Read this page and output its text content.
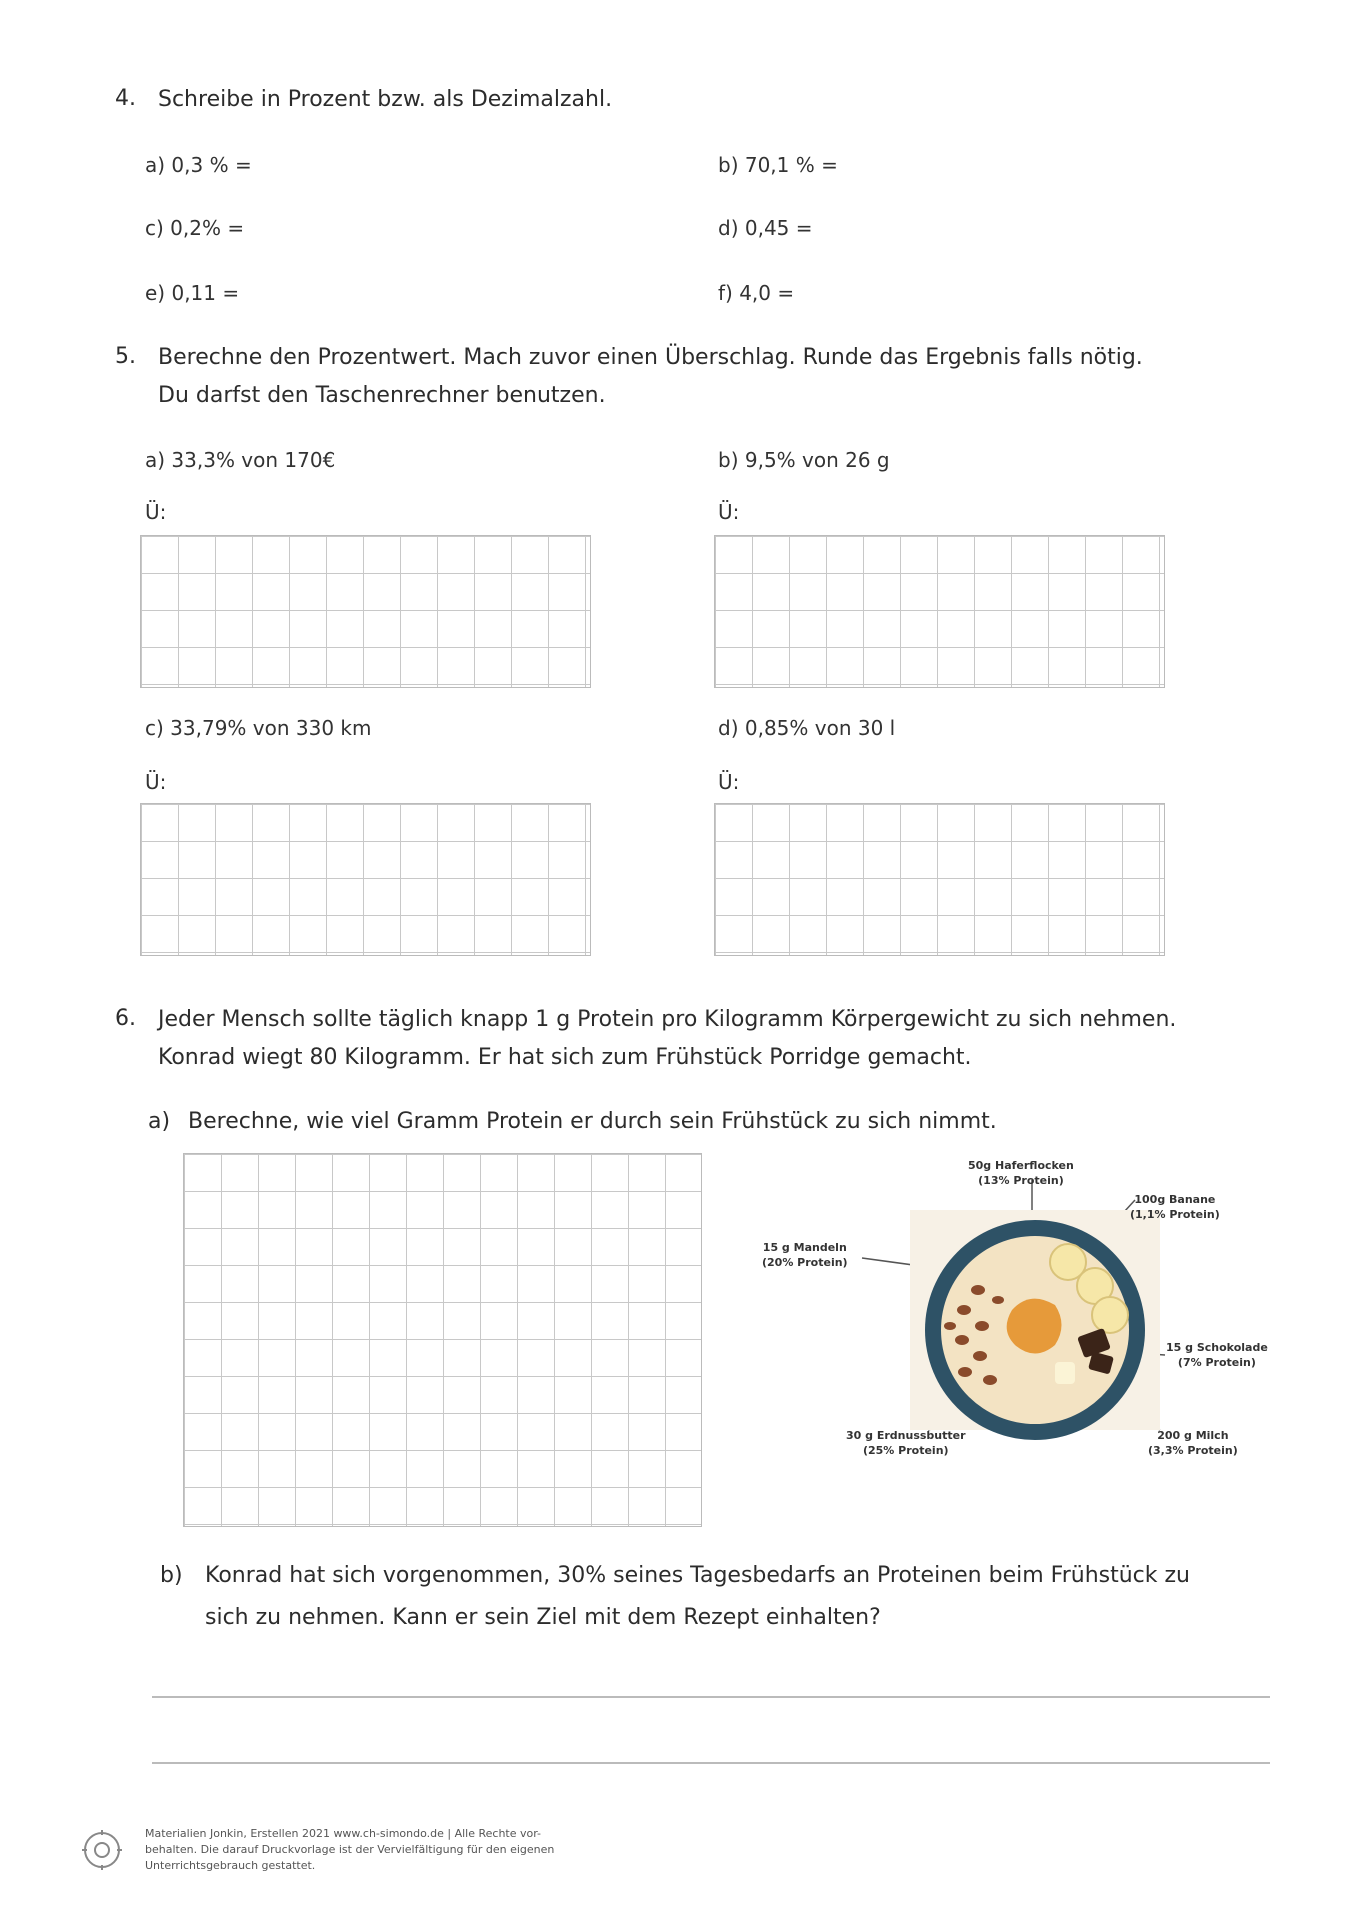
4. Schreibe in Prozent bzw. als Dezimalzahl.
a) 0,3 % =	b) 70,1 % =
c) 0,2% =	d) 0,45 =
e) 0,11 =	f) 4,0 =
5. Berechne den Prozentwert. Mach zuvor einen Überschlag. Runde das Ergebnis falls nötig.
Du darfst den Taschenrechner benutzen.
a) 33,3% von 170€
Ü:
b) 9,5% von 26 g
Ü:
c) 33,79% von 330 km
Ü:
d) 0,85% von 30 l
Ü:
6. Jeder Mensch sollte täglich knapp 1 g Protein pro Kilogramm Körpergewicht zu sich nehmen.
Konrad wiegt 80 Kilogramm. Er hat sich zum Frühstück Porridge gemacht.
a) Berechne, wie viel Gramm Protein er durch sein Frühstück zu sich nimmt.
50g Haferflocken
(13% Protein)
100g Banane
(1,1% Protein)
15 g Mandeln
(20% Protein)
15 g Schokolade
(7% Protein)
30 g Erdnussbutter
(25% Protein)
200 g Milch
(3,3% Protein)
b) Konrad hat sich vorgenommen, 30% seines Tagesbedarfs an Proteinen beim Frühstück zu
sich zu nehmen. Kann er sein Ziel mit dem Rezept einhalten?
Materialien Jonkin, Erstellen 2021 www.ch-simondo.de | Alle Rechte vor-
behalten. Die darauf Druckvorlage ist der Vervielfältigung für den eigenen
Unterrichtsgebrauch gestattet.
